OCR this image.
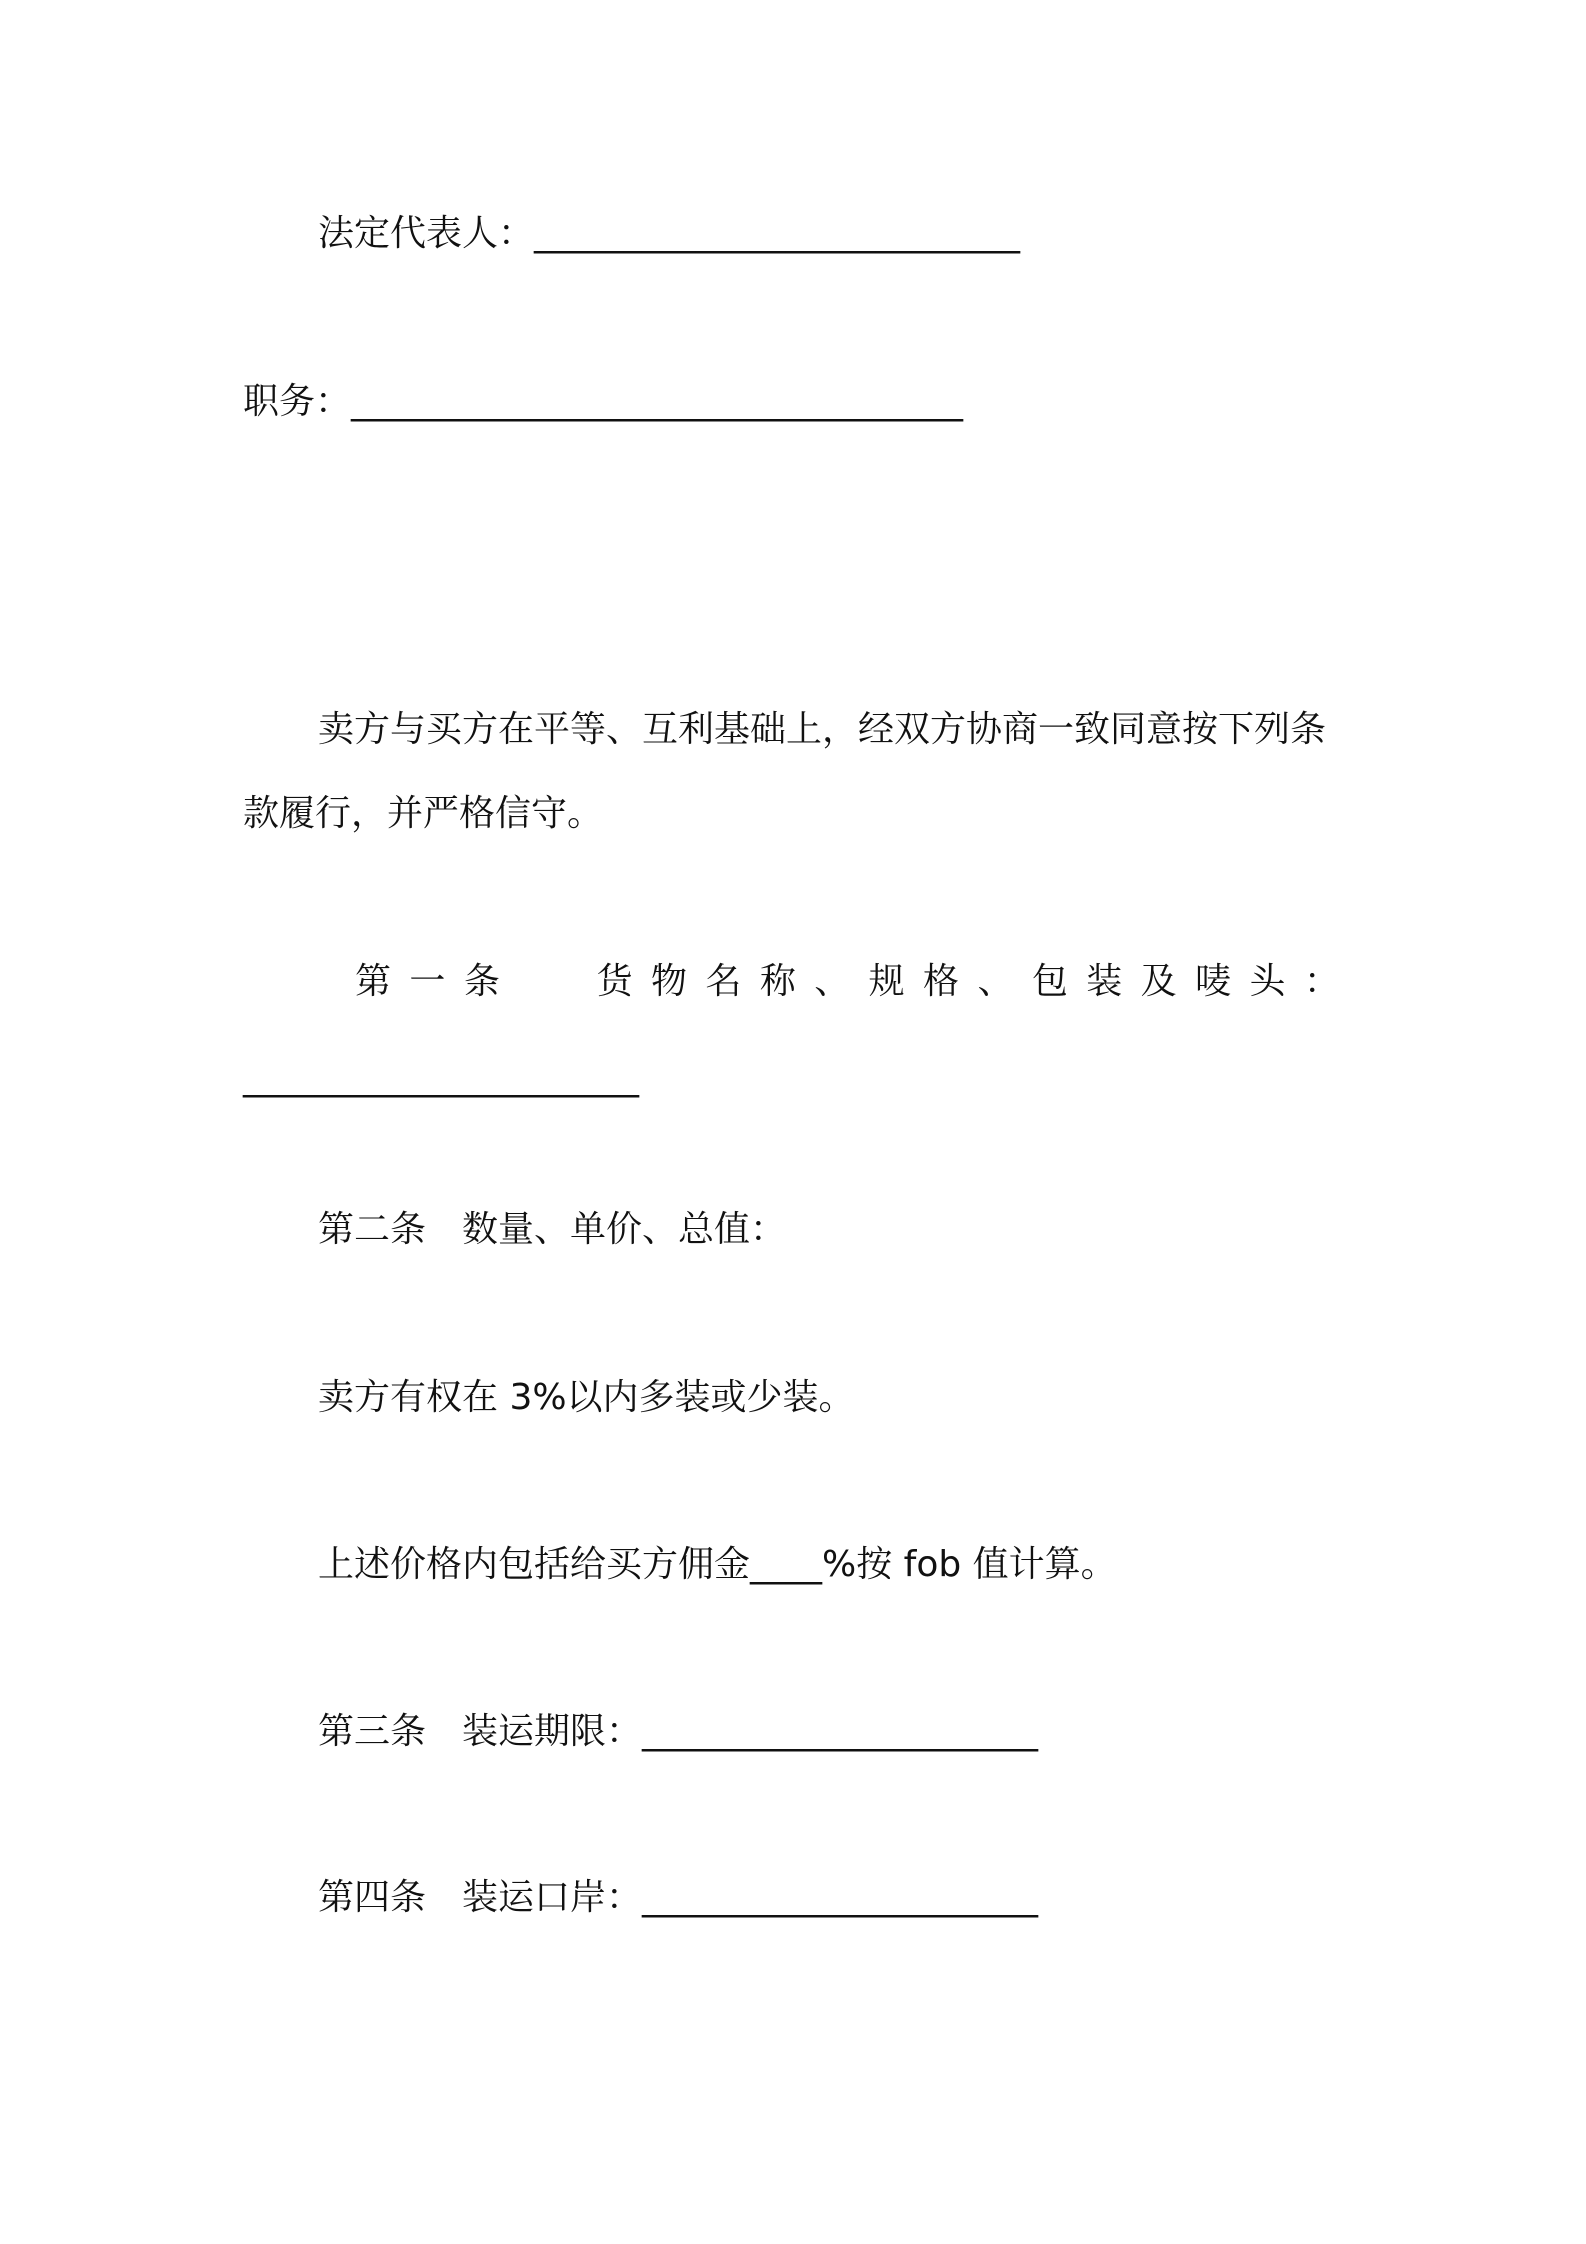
法定代表人：___________________________

职务：__________________________________

卖方与买方在平等、互利基础上，经双方协商一致同意按下列条

款履行，并严格信守。

第 一 条	货 物 名 称 、 规 格 、 包 装 及 唛 头 ：

______________________

第二条　数量、单价、总值：

卖方有权在 3%以内多装或少装。

上述价格内包括给买方佣金____%按 fob 值计算。

第三条　装运期限：______________________

第四条　装运口岸：______________________
